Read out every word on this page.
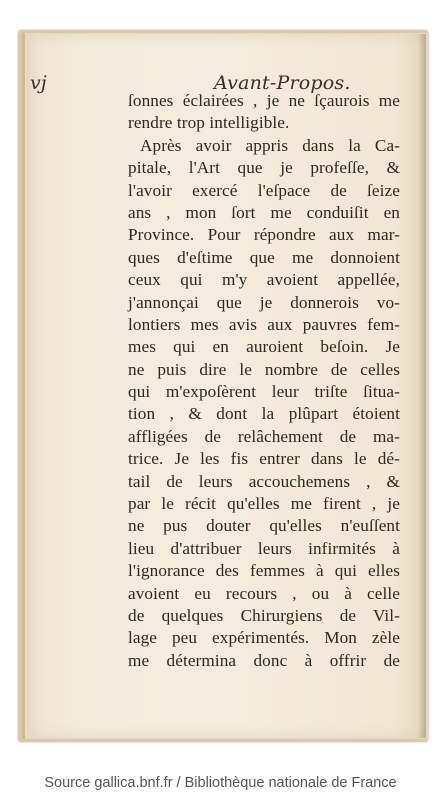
vj	Avant-Propos.
ſonnes éclairées , je ne ſçaurois me
rendre trop intelligible.
Après avoir appris dans la Ca-
pitale, l'Art que je profeſſe, &
l'avoir exercé l'eſpace de ſeize
ans , mon ſort me conduiſit en
Province. Pour répondre aux mar-
ques d'eſtime que me donnoient
ceux qui m'y avoient appellée,
j'annonçai que je donnerois vo-
lontiers mes avis aux pauvres fem-
mes qui en auroient beſoin. Je
ne puis dire le nombre de celles
qui m'expoſèrent leur triſte ſitua-
tion , & dont la plûpart étoient
affligées de relâchement de ma-
trice. Je les fis entrer dans le dé-
tail de leurs accouchemens , &
par le récit qu'elles me firent , je
ne pus douter qu'elles n'euſſent
lieu d'attribuer leurs infirmités à
l'ignorance des femmes à qui elles
avoient eu recours , ou à celle
de quelques Chirurgiens de Vil-
lage peu expérimentés. Mon zèle
me détermina donc à offrir de
Source gallica.bnf.fr / Bibliothèque nationale de France
